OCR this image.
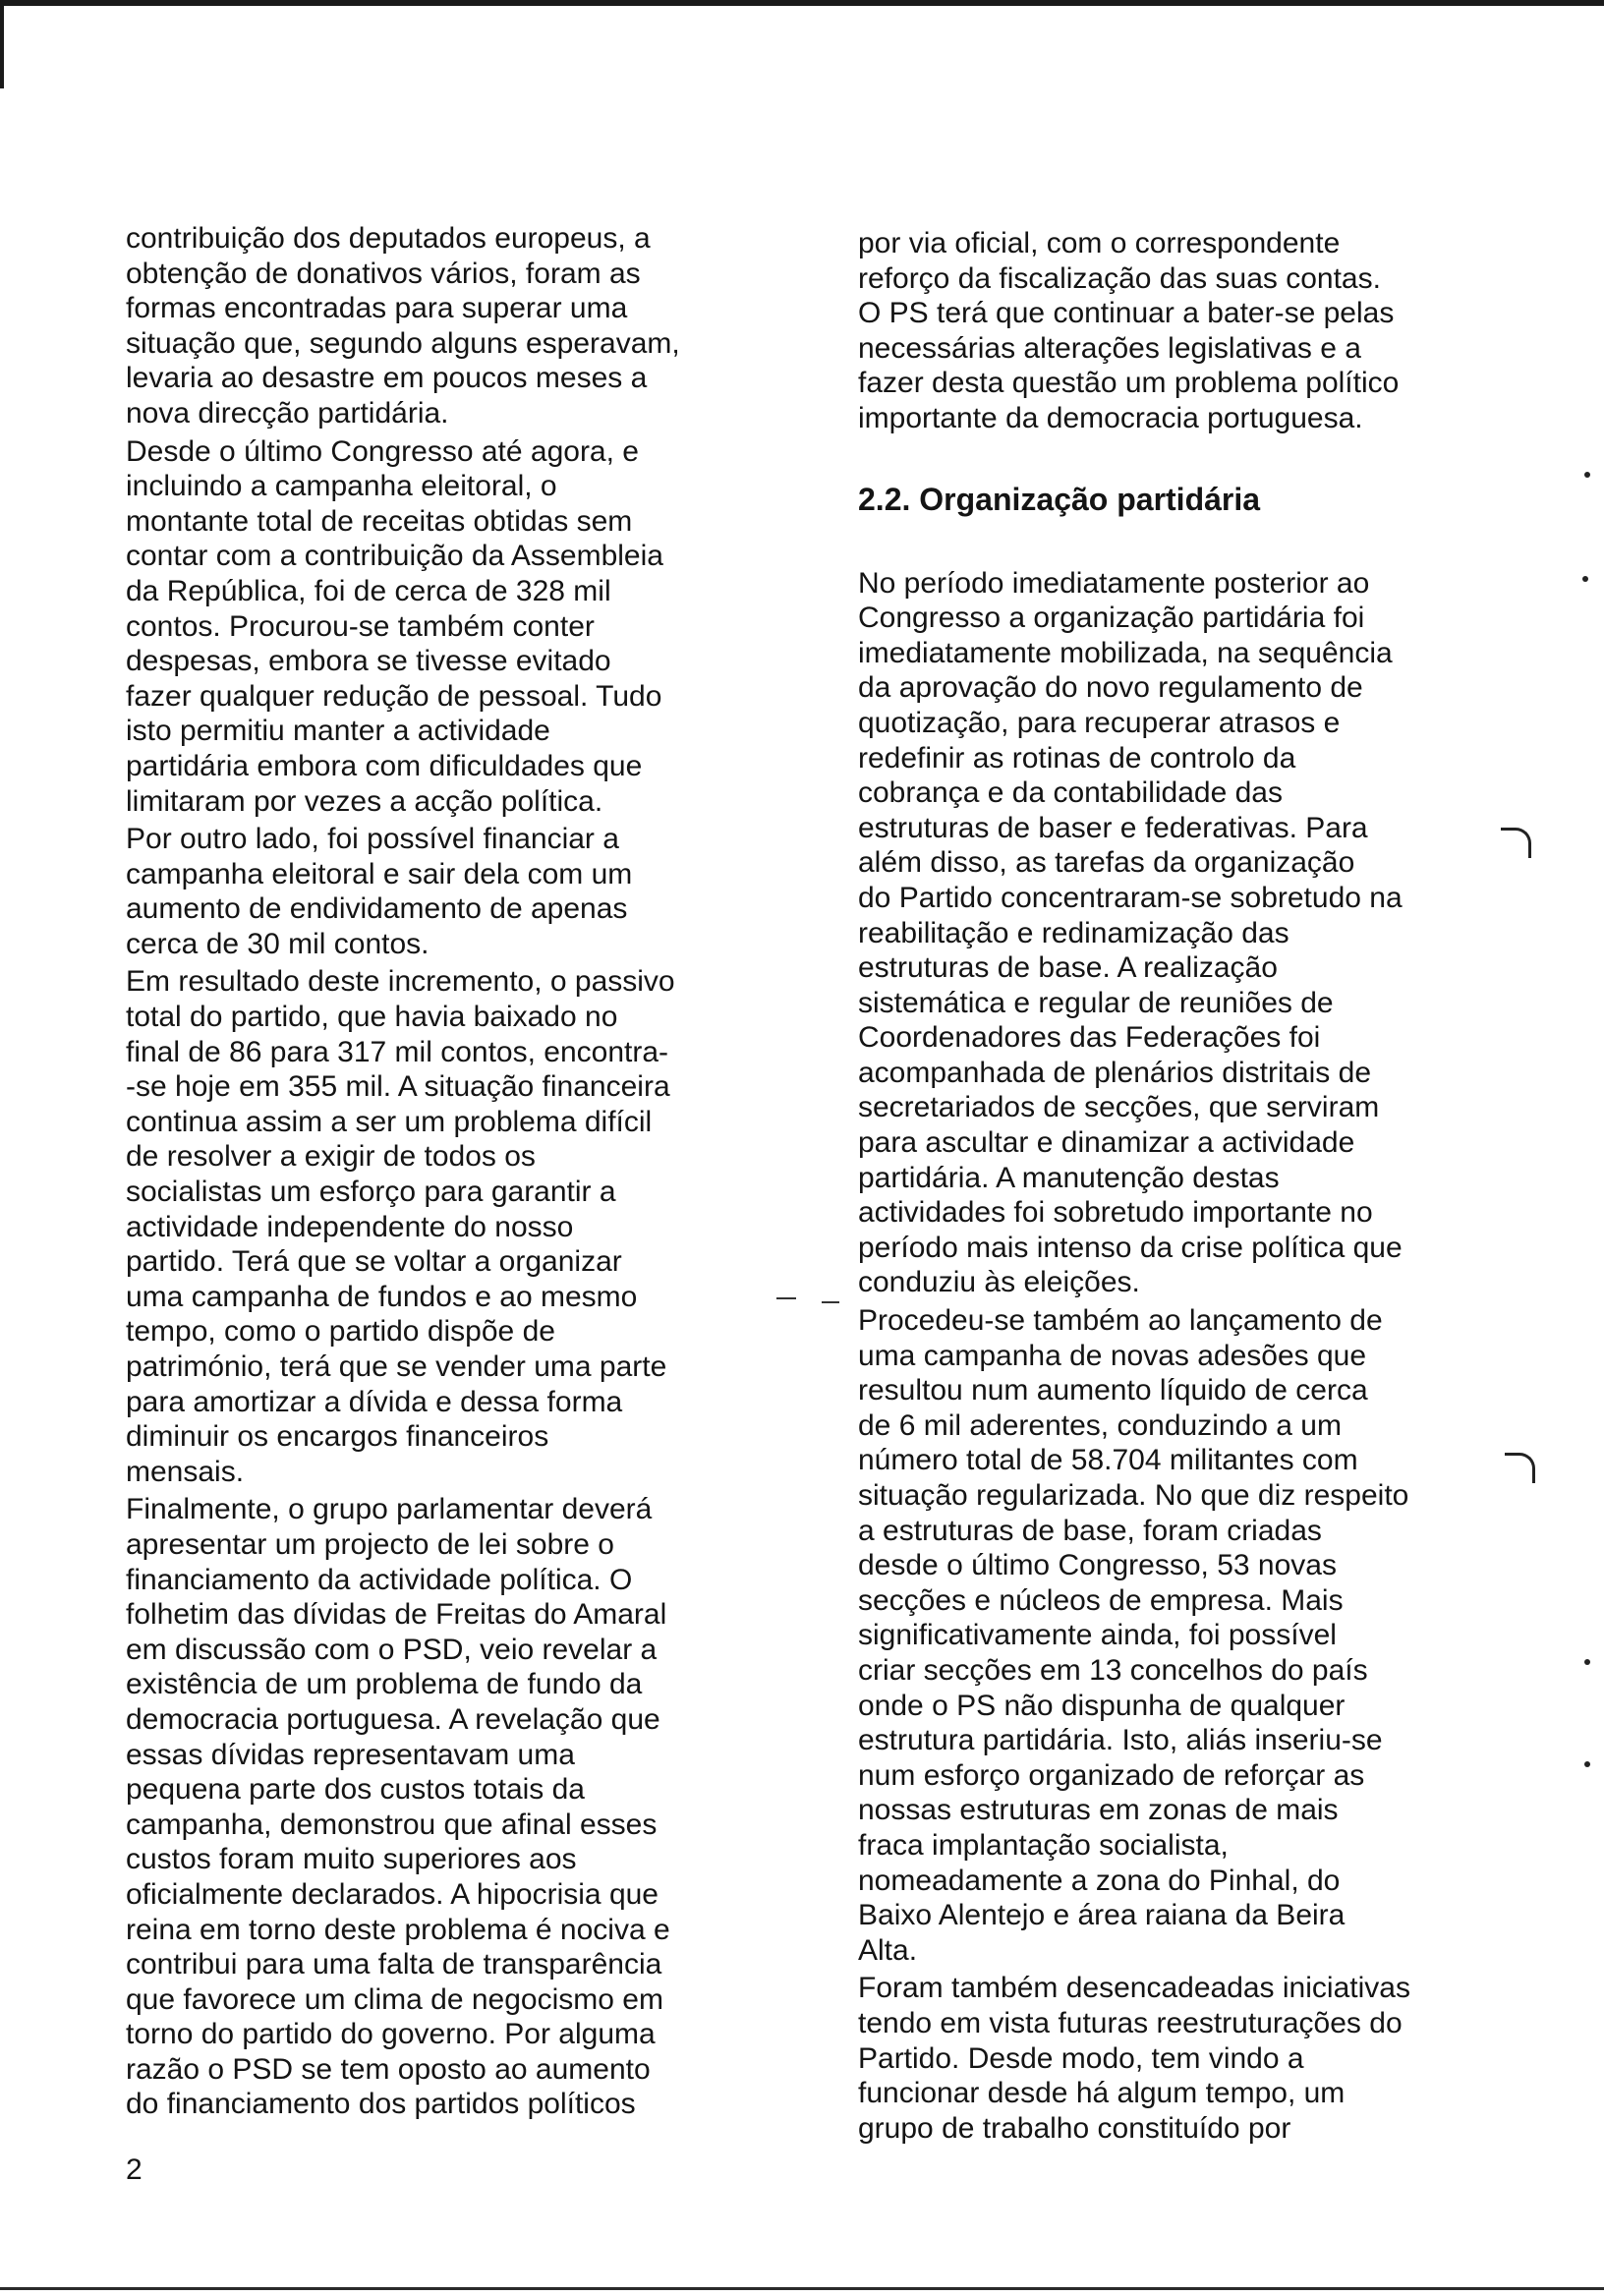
contribuição dos deputados europeus, a
obtenção de donativos vários, foram as
formas encontradas para superar uma
situação que, segundo alguns esperavam,
levaria ao desastre em poucos meses a
nova direcção partidária.

Desde o último Congresso até agora, e
incluindo a campanha eleitoral, o
montante total de receitas obtidas sem
contar com a contribuição da Assembleia
da República, foi de cerca de 328 mil
contos. Procurou-se também conter
despesas, embora se tivesse evitado
fazer qualquer redução de pessoal. Tudo
isto permitiu manter a actividade
partidária embora com dificuldades que
limitaram por vezes a acção política.

Por outro lado, foi possível financiar a
campanha eleitoral e sair dela com um
aumento de endividamento de apenas
cerca de 30 mil contos.

Em resultado deste incremento, o passivo
total do partido, que havia baixado no
final de 86 para 317 mil contos, encontra-
-se hoje em 355 mil. A situação financeira
continua assim a ser um problema difícil
de resolver a exigir de todos os
socialistas um esforço para garantir a
actividade independente do nosso
partido. Terá que se voltar a organizar
uma campanha de fundos e ao mesmo
tempo, como o partido dispõe de
património, terá que se vender uma parte
para amortizar a dívida e dessa forma
diminuir os encargos financeiros
mensais.

Finalmente, o grupo parlamentar deverá
apresentar um projecto de lei sobre o
financiamento da actividade política. O
folhetim das dívidas de Freitas do Amaral
em discussão com o PSD, veio revelar a
existência de um problema de fundo da
democracia portuguesa. A revelação que
essas dívidas representavam uma
pequena parte dos custos totais da
campanha, demonstrou que afinal esses
custos foram muito superiores aos
oficialmente declarados. A hipocrisia que
reina em torno deste problema é nociva e
contribui para uma falta de transparência
que favorece um clima de negocismo em
torno do partido do governo. Por alguma
razão o PSD se tem oposto ao aumento
do financiamento dos partidos políticos

por via oficial, com o correspondente
reforço da fiscalização das suas contas.
O PS terá que continuar a bater-se pelas
necessárias alterações legislativas e a
fazer desta questão um problema político
importante da democracia portuguesa.

2.2. Organização partidária

No período imediatamente posterior ao
Congresso a organização partidária foi
imediatamente mobilizada, na sequência
da aprovação do novo regulamento de
quotização, para recuperar atrasos e
redefinir as rotinas de controlo da
cobrança e da contabilidade das
estruturas de baser e federativas. Para
além disso, as tarefas da organização
do Partido concentraram-se sobretudo na
reabilitação e redinamização das
estruturas de base. A realização
sistemática e regular de reuniões de
Coordenadores das Federações foi
acompanhada de plenários distritais de
secretariados de secções, que serviram
para ascultar e dinamizar a actividade
partidária. A manutenção destas
actividades foi sobretudo importante no
período mais intenso da crise política que
conduziu às eleições.

Procedeu-se também ao lançamento de
uma campanha de novas adesões que
resultou num aumento líquido de cerca
de 6 mil aderentes, conduzindo a um
número total de 58.704 militantes com
situação regularizada. No que diz respeito
a estruturas de base, foram criadas
desde o último Congresso, 53 novas
secções e núcleos de empresa. Mais
significativamente ainda, foi possível
criar secções em 13 concelhos do país
onde o PS não dispunha de qualquer
estrutura partidária. Isto, aliás inseriu-se
num esforço organizado de reforçar as
nossas estruturas em zonas de mais
fraca implantação socialista,
nomeadamente a zona do Pinhal, do
Baixo Alentejo e área raiana da Beira
Alta.

Foram também desencadeadas iniciativas
tendo em vista futuras reestruturações do
Partido. Desde modo, tem vindo a
funcionar desde há algum tempo, um
grupo de trabalho constituído por

2
